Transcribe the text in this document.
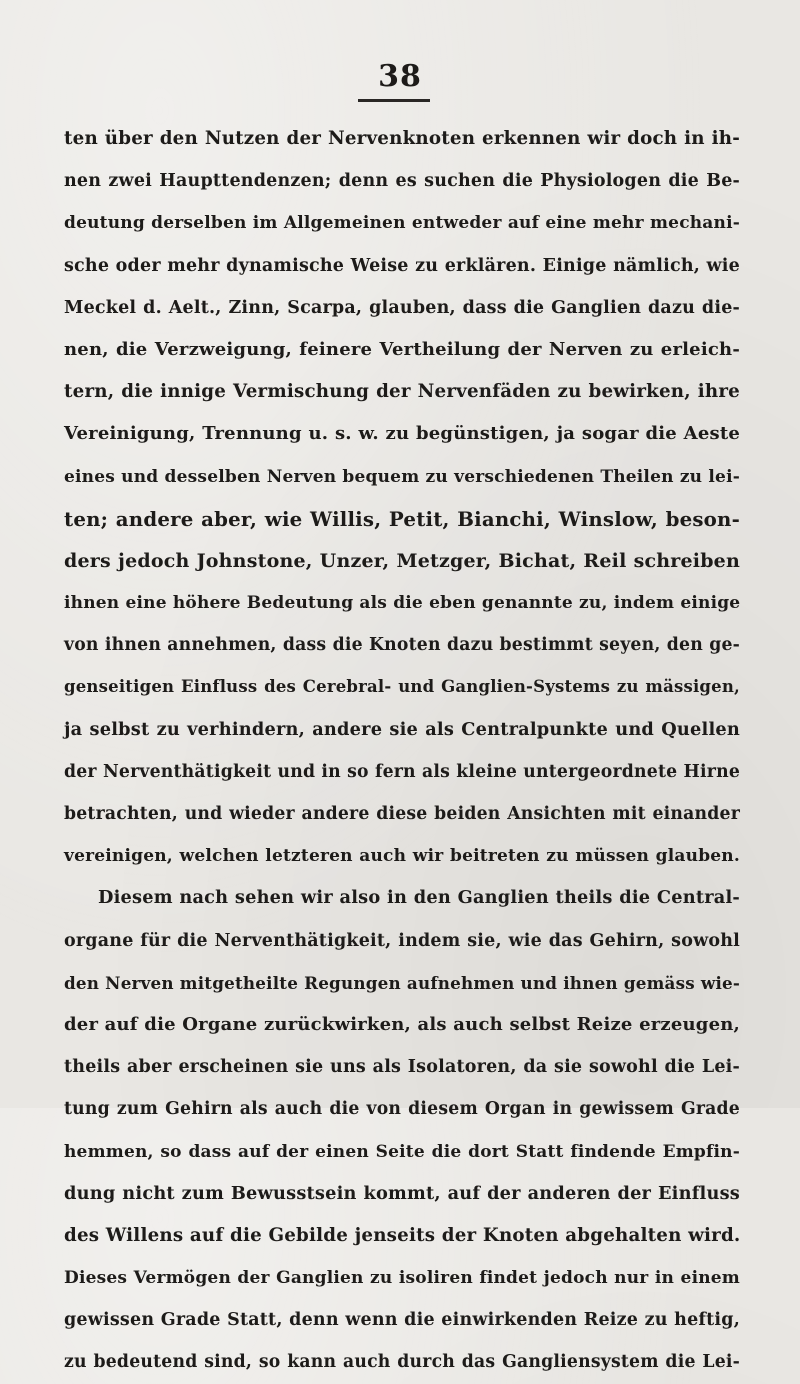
38
ten über den Nutzen der Nervenknoten erkennen wir doch in ih-
nen zwei Haupttendenzen; denn es suchen die Physiologen die Be-
deutung derselben im Allgemeinen entweder auf eine mehr mechani-
sche oder mehr dynamische Weise zu erklären. Einige nämlich, wie
Meckel d. Aelt., Zinn, Scarpa, glauben, dass die Ganglien dazu die-
nen, die Verzweigung, feinere Vertheilung der Nerven zu erleich-
tern, die innige Vermischung der Nervenfäden zu bewirken, ihre
Vereinigung, Trennung u. s. w. zu begünstigen, ja sogar die Aeste
eines und desselben Nerven bequem zu verschiedenen Theilen zu lei-
ten; andere aber, wie Willis, Petit, Bianchi, Winslow, beson-
ders jedoch Johnstone, Unzer, Metzger, Bichat, Reil schreiben
ihnen eine höhere Bedeutung als die eben genannte zu, indem einige
von ihnen annehmen, dass die Knoten dazu bestimmt seyen, den ge-
genseitigen Einfluss des Cerebral- und Ganglien-Systems zu mässigen,
ja selbst zu verhindern, andere sie als Centralpunkte und Quellen
der Nerventhätigkeit und in so fern als kleine untergeordnete Hirne
betrachten, und wieder andere diese beiden Ansichten mit einander
vereinigen, welchen letzteren auch wir beitreten zu müssen glauben.
Diesem nach sehen wir also in den Ganglien theils die Central-
organe für die Nerventhätigkeit, indem sie, wie das Gehirn, sowohl
den Nerven mitgetheilte Regungen aufnehmen und ihnen gemäss wie-
der auf die Organe zurückwirken, als auch selbst Reize erzeugen,
theils aber erscheinen sie uns als Isolatoren, da sie sowohl die Lei-
tung zum Gehirn als auch die von diesem Organ in gewissem Grade
hemmen, so dass auf der einen Seite die dort Statt findende Empfin-
dung nicht zum Bewusstsein kommt, auf der anderen der Einfluss
des Willens auf die Gebilde jenseits der Knoten abgehalten wird.
Dieses Vermögen der Ganglien zu isoliren findet jedoch nur in einem
gewissen Grade Statt, denn wenn die einwirkenden Reize zu heftig,
zu bedeutend sind, so kann auch durch das Gangliensystem die Lei-
